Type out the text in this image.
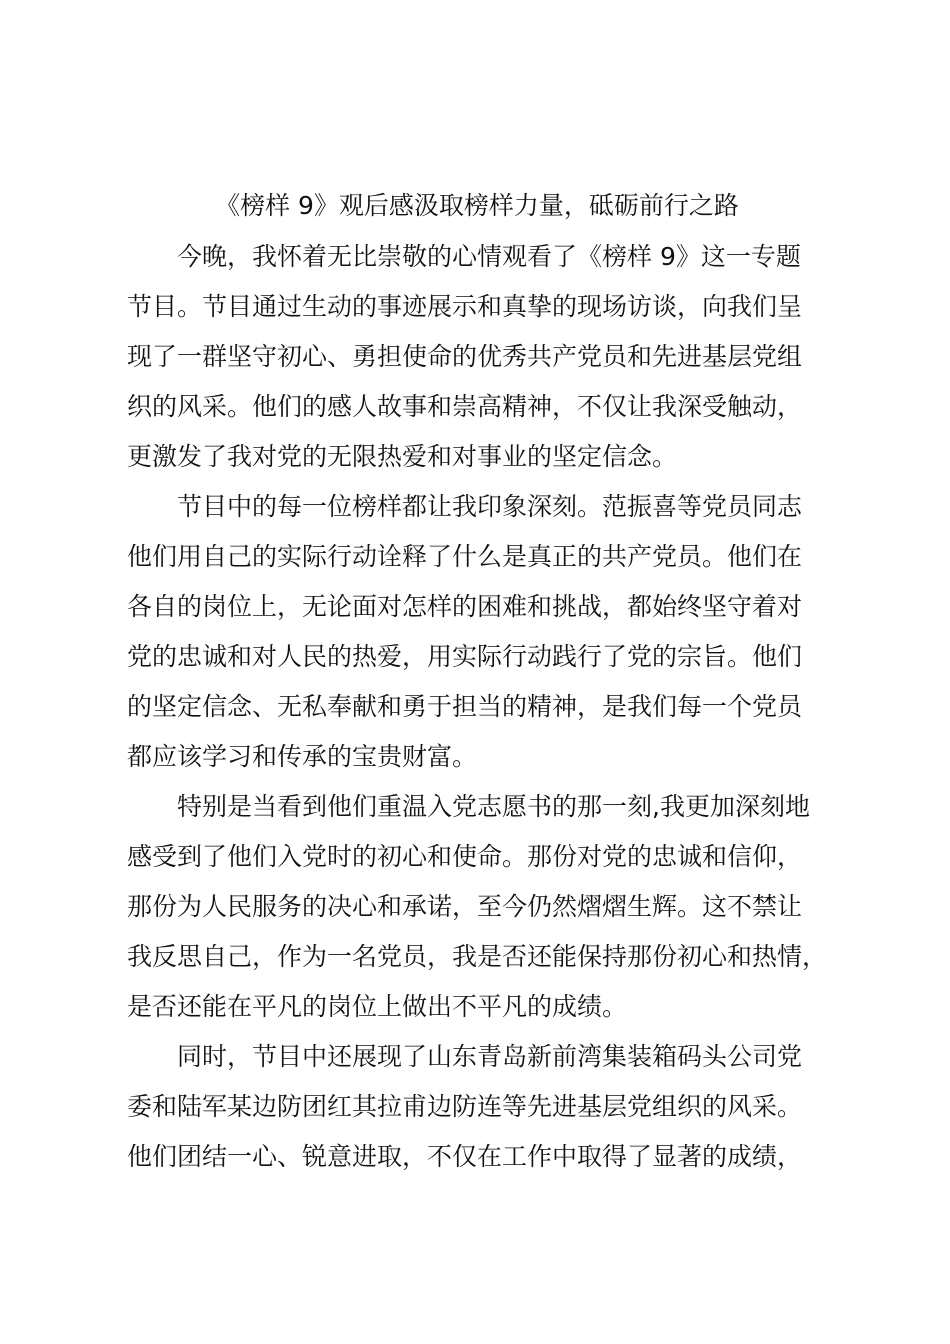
《榜样 9》观后感汲取榜样力量，砥砺前行之路

今晚，我怀着无比崇敬的心情观看了《榜样 9》这一专题
节目。节目通过生动的事迹展示和真挚的现场访谈，向我们呈
现了一群坚守初心、勇担使命的优秀共产党员和先进基层党组
织的风采。他们的感人故事和崇高精神，不仅让我深受触动，
更激发了我对党的无限热爱和对事业的坚定信念。

节目中的每一位榜样都让我印象深刻。范振喜等党员同志
他们用自己的实际行动诠释了什么是真正的共产党员。他们在
各自的岗位上，无论面对怎样的困难和挑战，都始终坚守着对
党的忠诚和对人民的热爱，用实际行动践行了党的宗旨。他们
的坚定信念、无私奉献和勇于担当的精神，是我们每一个党员
都应该学习和传承的宝贵财富。

特别是当看到他们重温入党志愿书的那一刻,我更加深刻地
感受到了他们入党时的初心和使命。那份对党的忠诚和信仰，
那份为人民服务的决心和承诺，至今仍然熠熠生辉。这不禁让
我反思自己，作为一名党员，我是否还能保持那份初心和热情，
是否还能在平凡的岗位上做出不平凡的成绩。

同时，节目中还展现了山东青岛新前湾集装箱码头公司党
委和陆军某边防团红其拉甫边防连等先进基层党组织的风采。
他们团结一心、锐意进取，不仅在工作中取得了显著的成绩，
